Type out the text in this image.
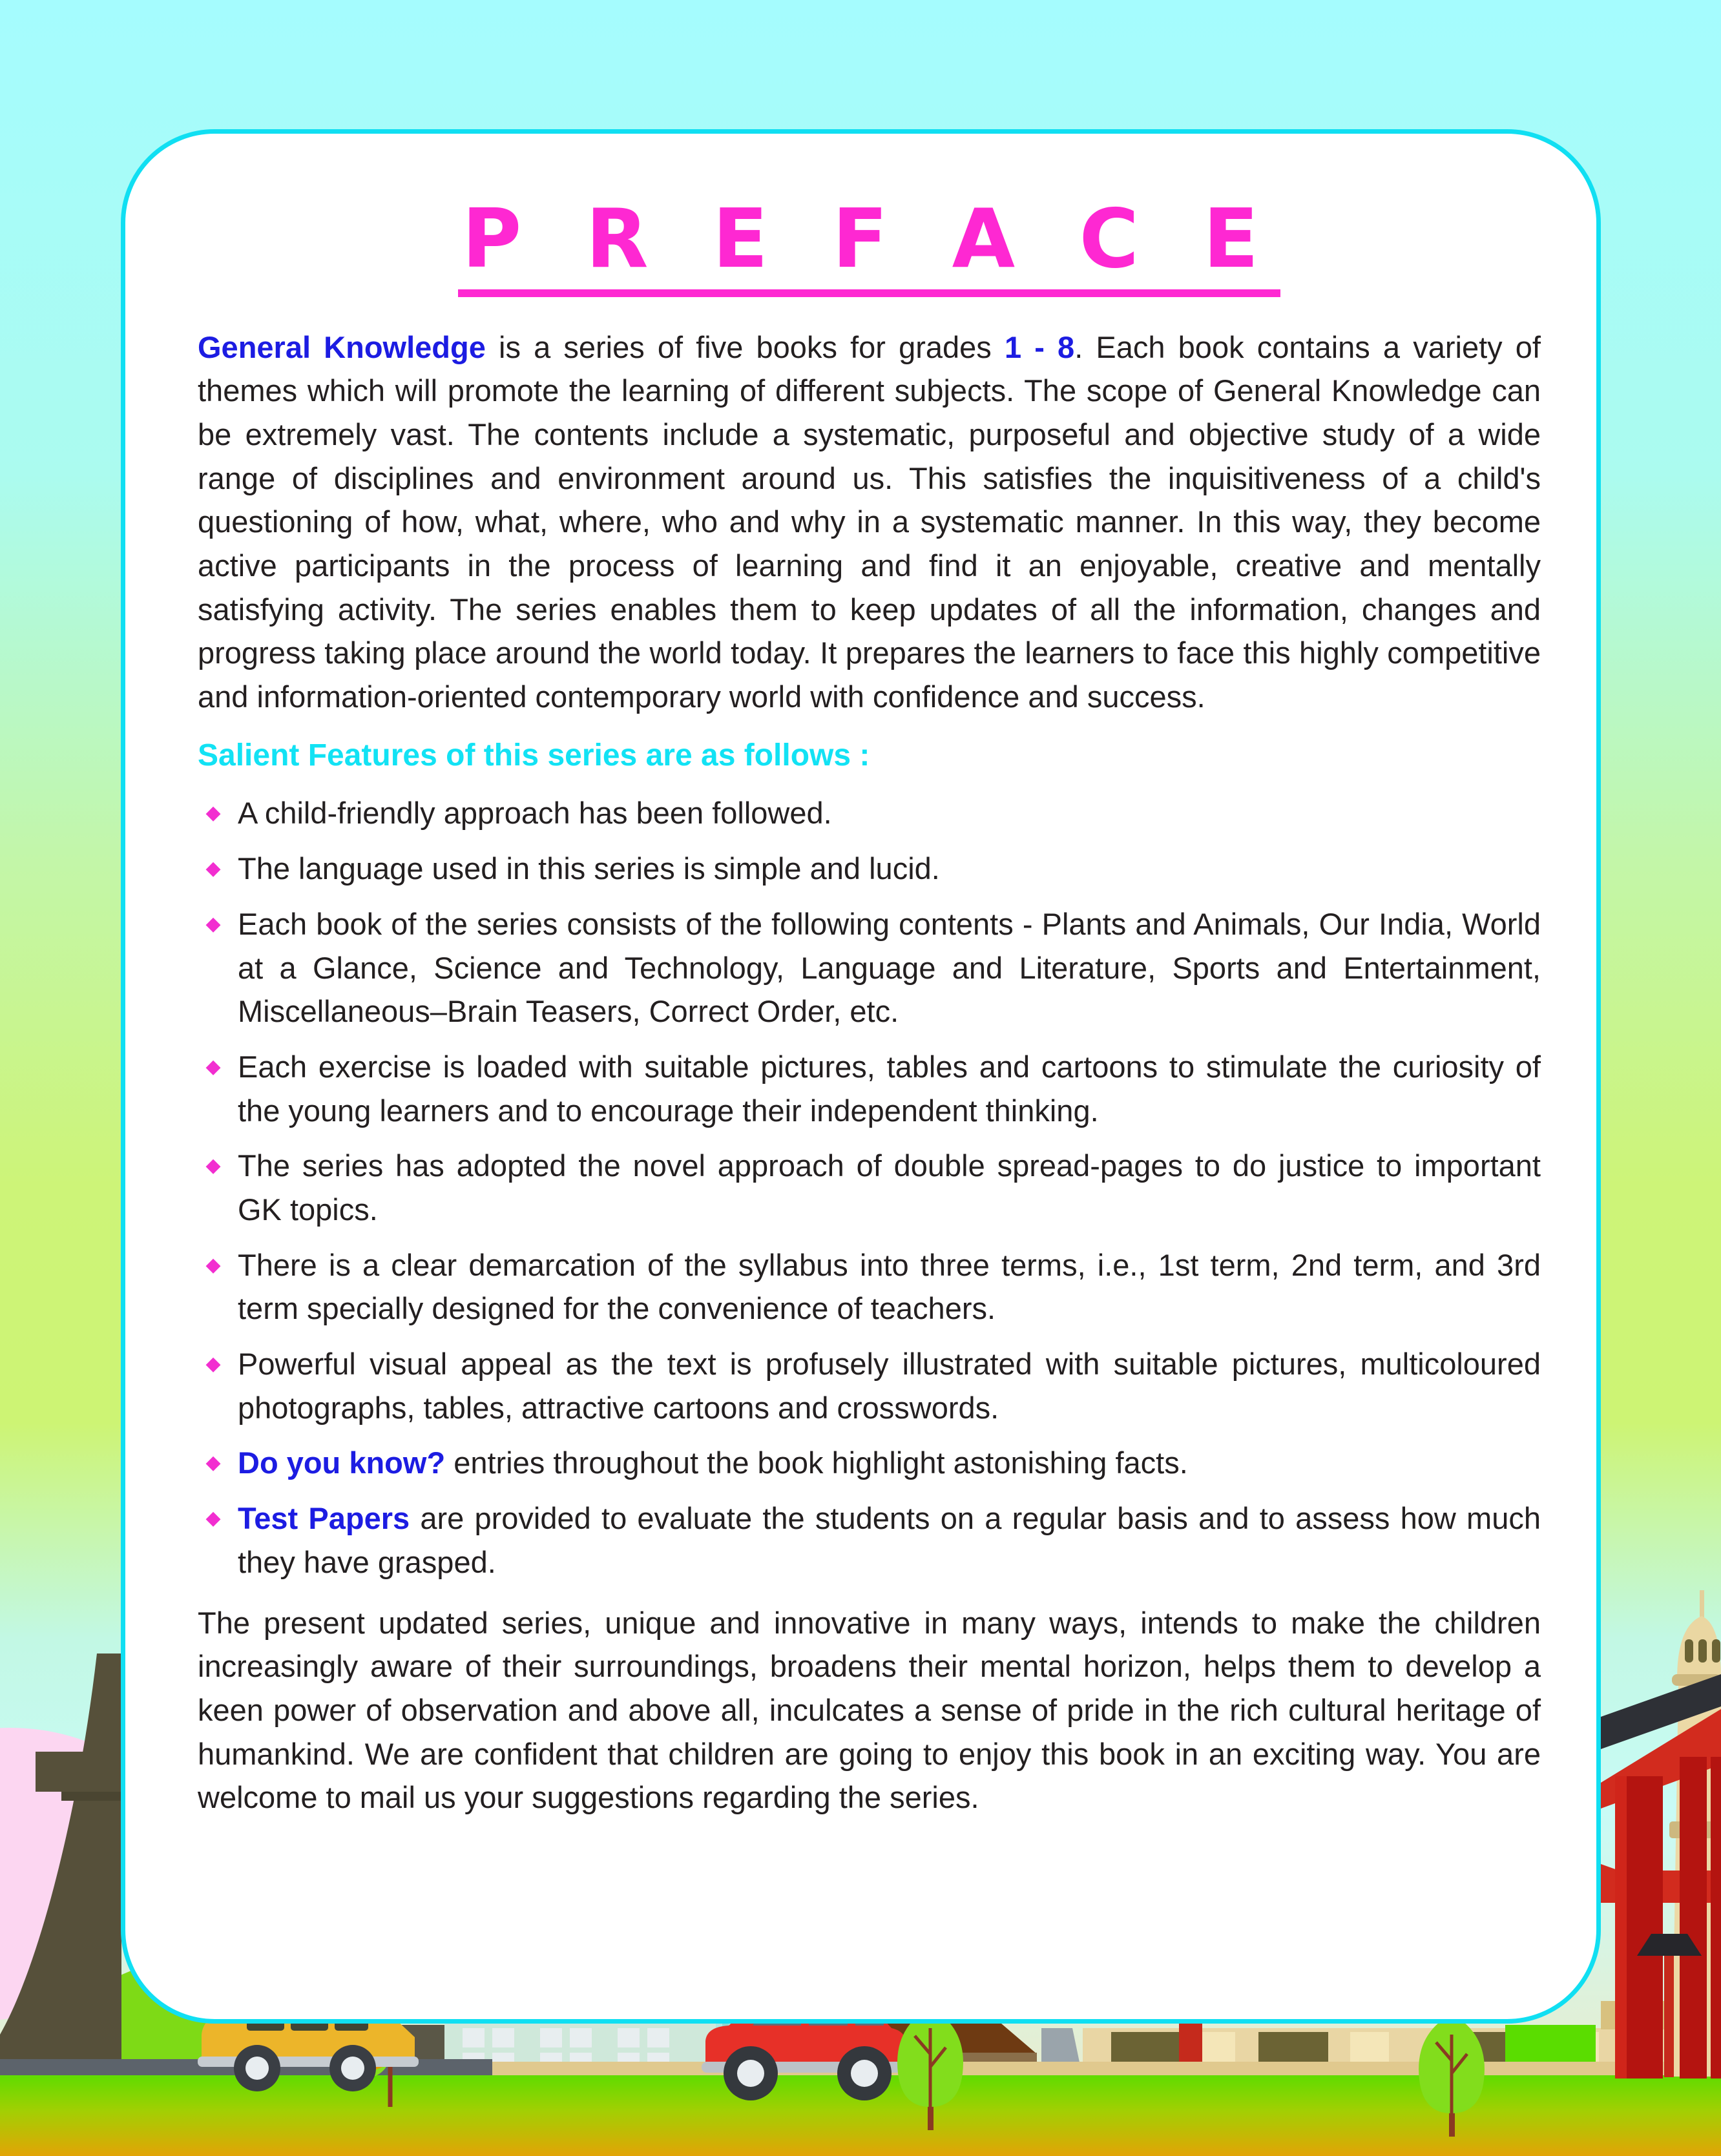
P R E F A C E

General Knowledge is a series of five books for grades 1 - 8. Each book contains a variety of themes which will promote the learning of different subjects. The scope of General Knowledge can be extremely vast. The contents include a systematic, purposeful and objective study of a wide range of disciplines and environment around us. This satisfies the inquisitiveness of a child's questioning of how, what, where, who and why in a systematic manner. In this way, they become active participants in the process of learning and find it an enjoyable, creative and mentally satisfying activity. The series enables them to keep updates of all the information, changes and progress taking place around the world today. It prepares the learners to face this highly competitive and information-oriented contemporary world with confidence and success.

Salient Features of this series are as follows :
◆ A child-friendly approach has been followed.
◆ The language used in this series is simple and lucid.
◆ Each book of the series consists of the following contents - Plants and Animals, Our India, World at a Glance, Science and Technology, Language and Literature, Sports and Entertainment, Miscellaneous–Brain Teasers, Correct Order, etc.
◆ Each exercise is loaded with suitable pictures, tables and cartoons to stimulate the curiosity of the young learners and to encourage their independent thinking.
◆ The series has adopted the novel approach of double spread-pages to do justice to important GK topics.
◆ There is a clear demarcation of the syllabus into three terms, i.e., 1st term, 2nd term, and 3rd term specially designed for the convenience of teachers.
◆ Powerful visual appeal as the text is profusely illustrated with suitable pictures, multicoloured photographs, tables, attractive cartoons and crosswords.
◆ Do you know? entries throughout the book highlight astonishing facts.
◆ Test Papers are provided to evaluate the students on a regular basis and to assess how much they have grasped.

The present updated series, unique and innovative in many ways, intends to make the children increasingly aware of their surroundings, broadens their mental horizon, helps them to develop a keen power of observation and above all, inculcates a sense of pride in the rich cultural heritage of humankind. We are confident that children are going to enjoy this book in an exciting way. You are welcome to mail us your suggestions regarding the series.
